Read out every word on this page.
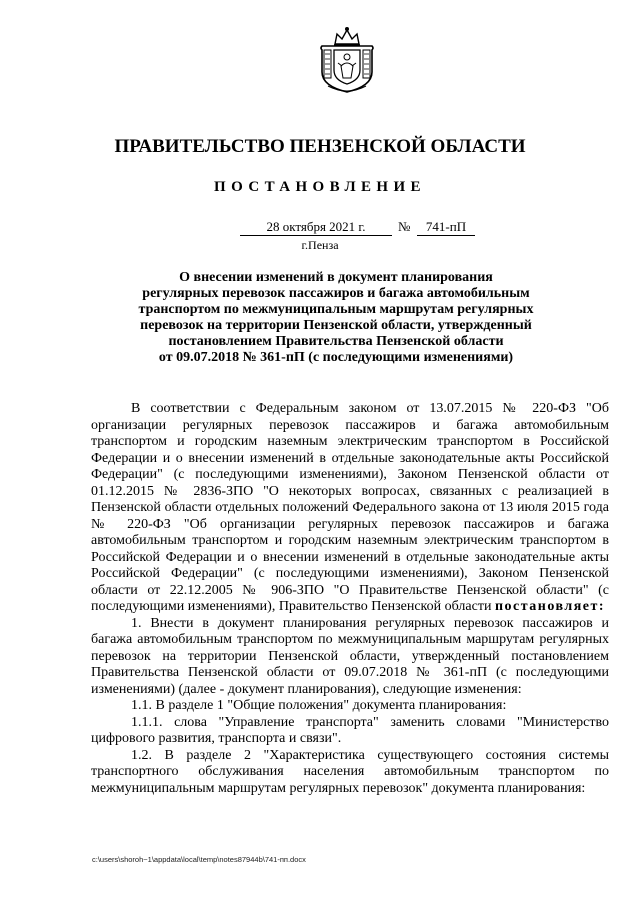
ПРАВИТЕЛЬСТВО ПЕНЗЕНСКОЙ ОБЛАСТИ
ПОСТАНОВЛЕНИЕ
28 октября 2021 г.	№	741-пП
г.Пенза
О внесении изменений в документ планирования
регулярных перевозок пассажиров и багажа автомобильным
транспортом по межмуниципальным маршрутам регулярных
перевозок на территории Пензенской области, утвержденный
постановлением Правительства Пензенской области
от 09.07.2018 № 361-пП (с последующими изменениями)

В соответствии с Федеральным законом от 13.07.2015 № 220-ФЗ "Об организации регулярных перевозок пассажиров и багажа автомобильным транспортом и городским наземным электрическим транспортом в Российской Федерации и о внесении изменений в отдельные законодательные акты Российской Федерации" (с последующими изменениями), Законом Пензенской области от 01.12.2015 № 2836-ЗПО "О некоторых вопросах, связанных с реализацией в Пензенской области отдельных положений Федерального закона от 13 июля 2015 года № 220-ФЗ "Об организации регулярных перевозок пассажиров и багажа автомобильным транспортом и городским наземным электрическим транспортом в Российской Федерации и о внесении изменений в отдельные законодательные акты Российской Федерации" (с последующими изменениями), Законом Пензенской области от 22.12.2005 № 906-ЗПО "О Правительстве Пензенской области" (с последующими изменениями), Правительство Пензенской области постановляет:

1. Внести в документ планирования регулярных перевозок пассажиров и багажа автомобильным транспортом по межмуниципальным маршрутам регулярных перевозок на территории Пензенской области, утвержденный постановлением Правительства Пензенской области от 09.07.2018 № 361-пП (с последующими изменениями) (далее - документ планирования), следующие изменения:

1.1. В разделе 1 "Общие положения" документа планирования:

1.1.1. слова "Управление транспорта" заменить словами "Министерство цифрового развития, транспорта и связи".

1.2. В разделе 2 "Характеристика существующего состояния системы транспортного обслуживания населения автомобильным транспортом по межмуниципальным маршрутам регулярных перевозок" документа планирования:

c:\users\shoroh~1\appdata\local\temp\notes87944b\741-пп.docx
